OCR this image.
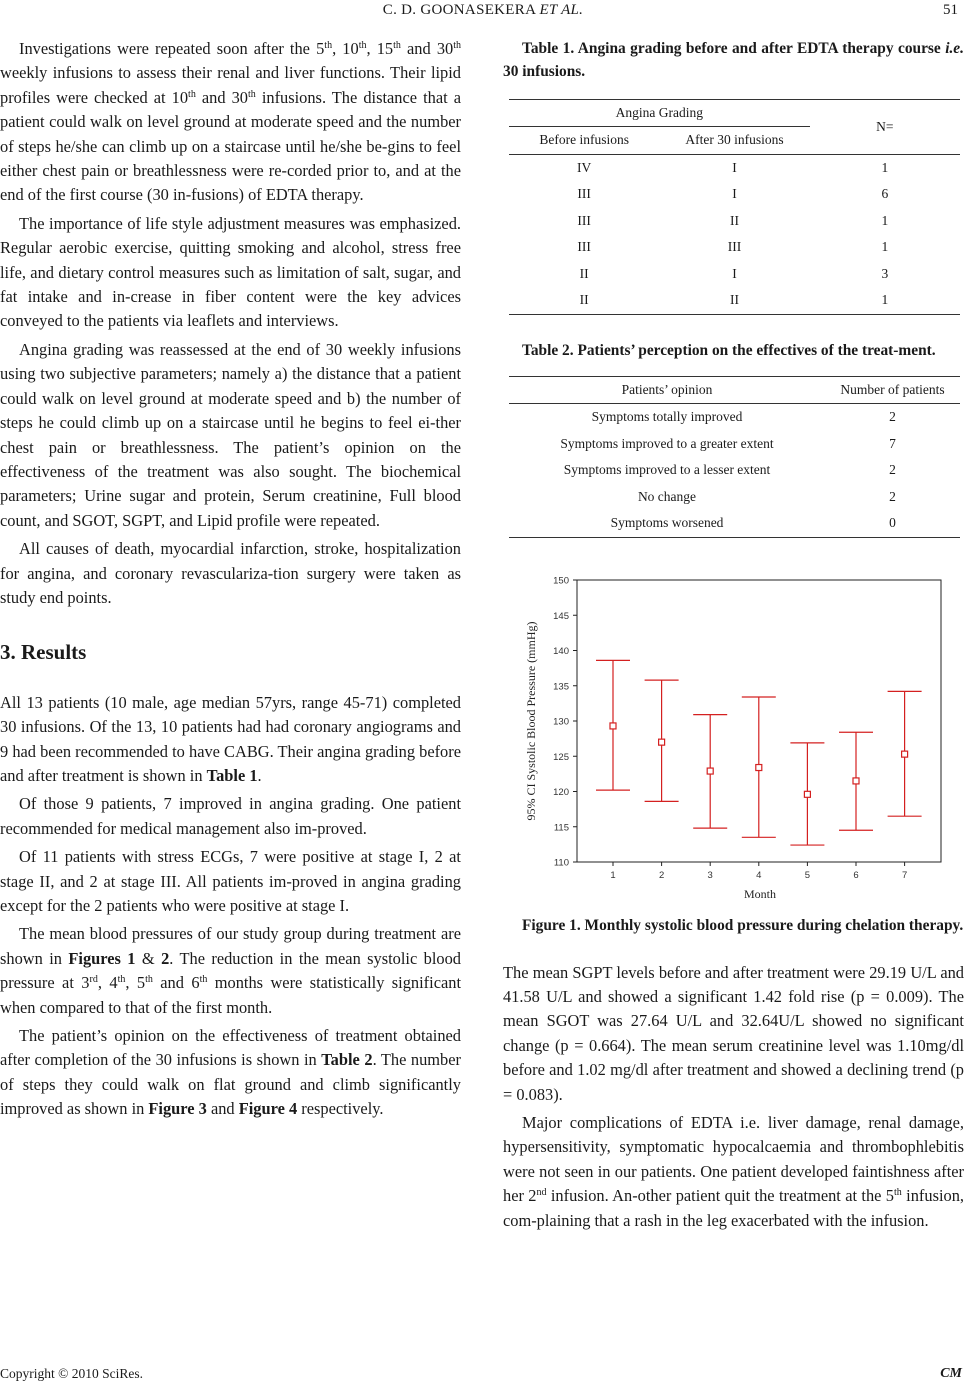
C. D. GOONASEKERA ET AL.	51

Investigations were repeated soon after the 5th, 10th, 15th and 30th weekly infusions to assess their renal and liver functions. Their lipid profiles were checked at 10th and 30th infusions. The distance that a patient could walk on level ground at moderate speed and the number of steps he/she can climb up on a staircase until he/she be-gins to feel either chest pain or breathlessness were re-corded prior to, and at the end of the first course (30 in-fusions) of EDTA therapy.

The importance of life style adjustment measures was emphasized. Regular aerobic exercise, quitting smoking and alcohol, stress free life, and dietary control measures such as limitation of salt, sugar, and fat intake and in-crease in fiber content were the key advices conveyed to the patients via leaflets and interviews.

Angina grading was reassessed at the end of 30 weekly infusions using two subjective parameters; namely a) the distance that a patient could walk on level ground at moderate speed and b) the number of steps he could climb up on a staircase until he begins to feel ei-ther chest pain or breathlessness. The patient’s opinion on the effectiveness of the treatment was also sought. The biochemical parameters; Urine sugar and protein, Serum creatinine, Full blood count, and SGOT, SGPT, and Lipid profile were repeated.

All causes of death, myocardial infarction, stroke, hospitalization for angina, and coronary revasculariza-tion surgery were taken as study end points.

3. Results

All 13 patients (10 male, age median 57yrs, range 45-71) completed 30 infusions. Of the 13, 10 patients had had coronary angiograms and 9 had been recommended to have CABG. Their angina grading before and after treatment is shown in Table 1.

Of those 9 patients, 7 improved in angina grading. One patient recommended for medical management also im-proved.

Of 11 patients with stress ECGs, 7 were positive at stage I, 2 at stage II, and 2 at stage III. All patients im-proved in angina grading except for the 2 patients who were positive at stage I.

The mean blood pressures of our study group during treatment are shown in Figures 1 & 2. The reduction in the mean systolic blood pressure at 3rd, 4th, 5th and 6th months were statistically significant when compared to that of the first month.

The patient’s opinion on the effectiveness of treatment obtained after completion of the 30 infusions is shown in Table 2. The number of steps they could walk on flat ground and climb significantly improved as shown in Figure 3 and Figure 4 respectively.

Table 1. Angina grading before and after EDTA therapy course i.e. 30 infusions.

Angina Grading		N=
Before infusions	After 30 infusions	
IV	I	1
III	I	6
III	II	1
III	III	1
II	I	3
II	II	1

Table 2. Patients’ perception on the effectives of the treat-ment.

Patients’ opinion	Number of patients
Symptoms totally improved	2
Symptoms improved to a greater extent	7
Symptoms improved to a lesser extent	2
No change	2
Symptoms worsened	0
110
115
120
125
130
135
140
145
150
1	2	3	4	5	6	7
95% CI Systolic Blood Pressure (mmHg)
Month

Figure 1. Monthly systolic blood pressure during chelation therapy.

The mean SGPT levels before and after treatment were 29.19 U/L and 41.58 U/L and showed a significant 1.42 fold rise (p = 0.009). The mean SGOT was 27.64 U/L and 32.64U/L showed no significant change (p = 0.664). The mean serum creatinine level was 1.10mg/dl before and 1.02 mg/dl after treatment and showed a declining trend (p = 0.083).

Major complications of EDTA i.e. liver damage, renal damage, hypersensitivity, symptomatic hypocalcaemia and thrombophlebitis were not seen in our patients. One patient developed faintishness after her 2nd infusion. An-other patient quit the treatment at the 5th infusion, com-plaining that a rash in the leg exacerbated with the infusion.

Copyright © 2010 SciRes.	CM
